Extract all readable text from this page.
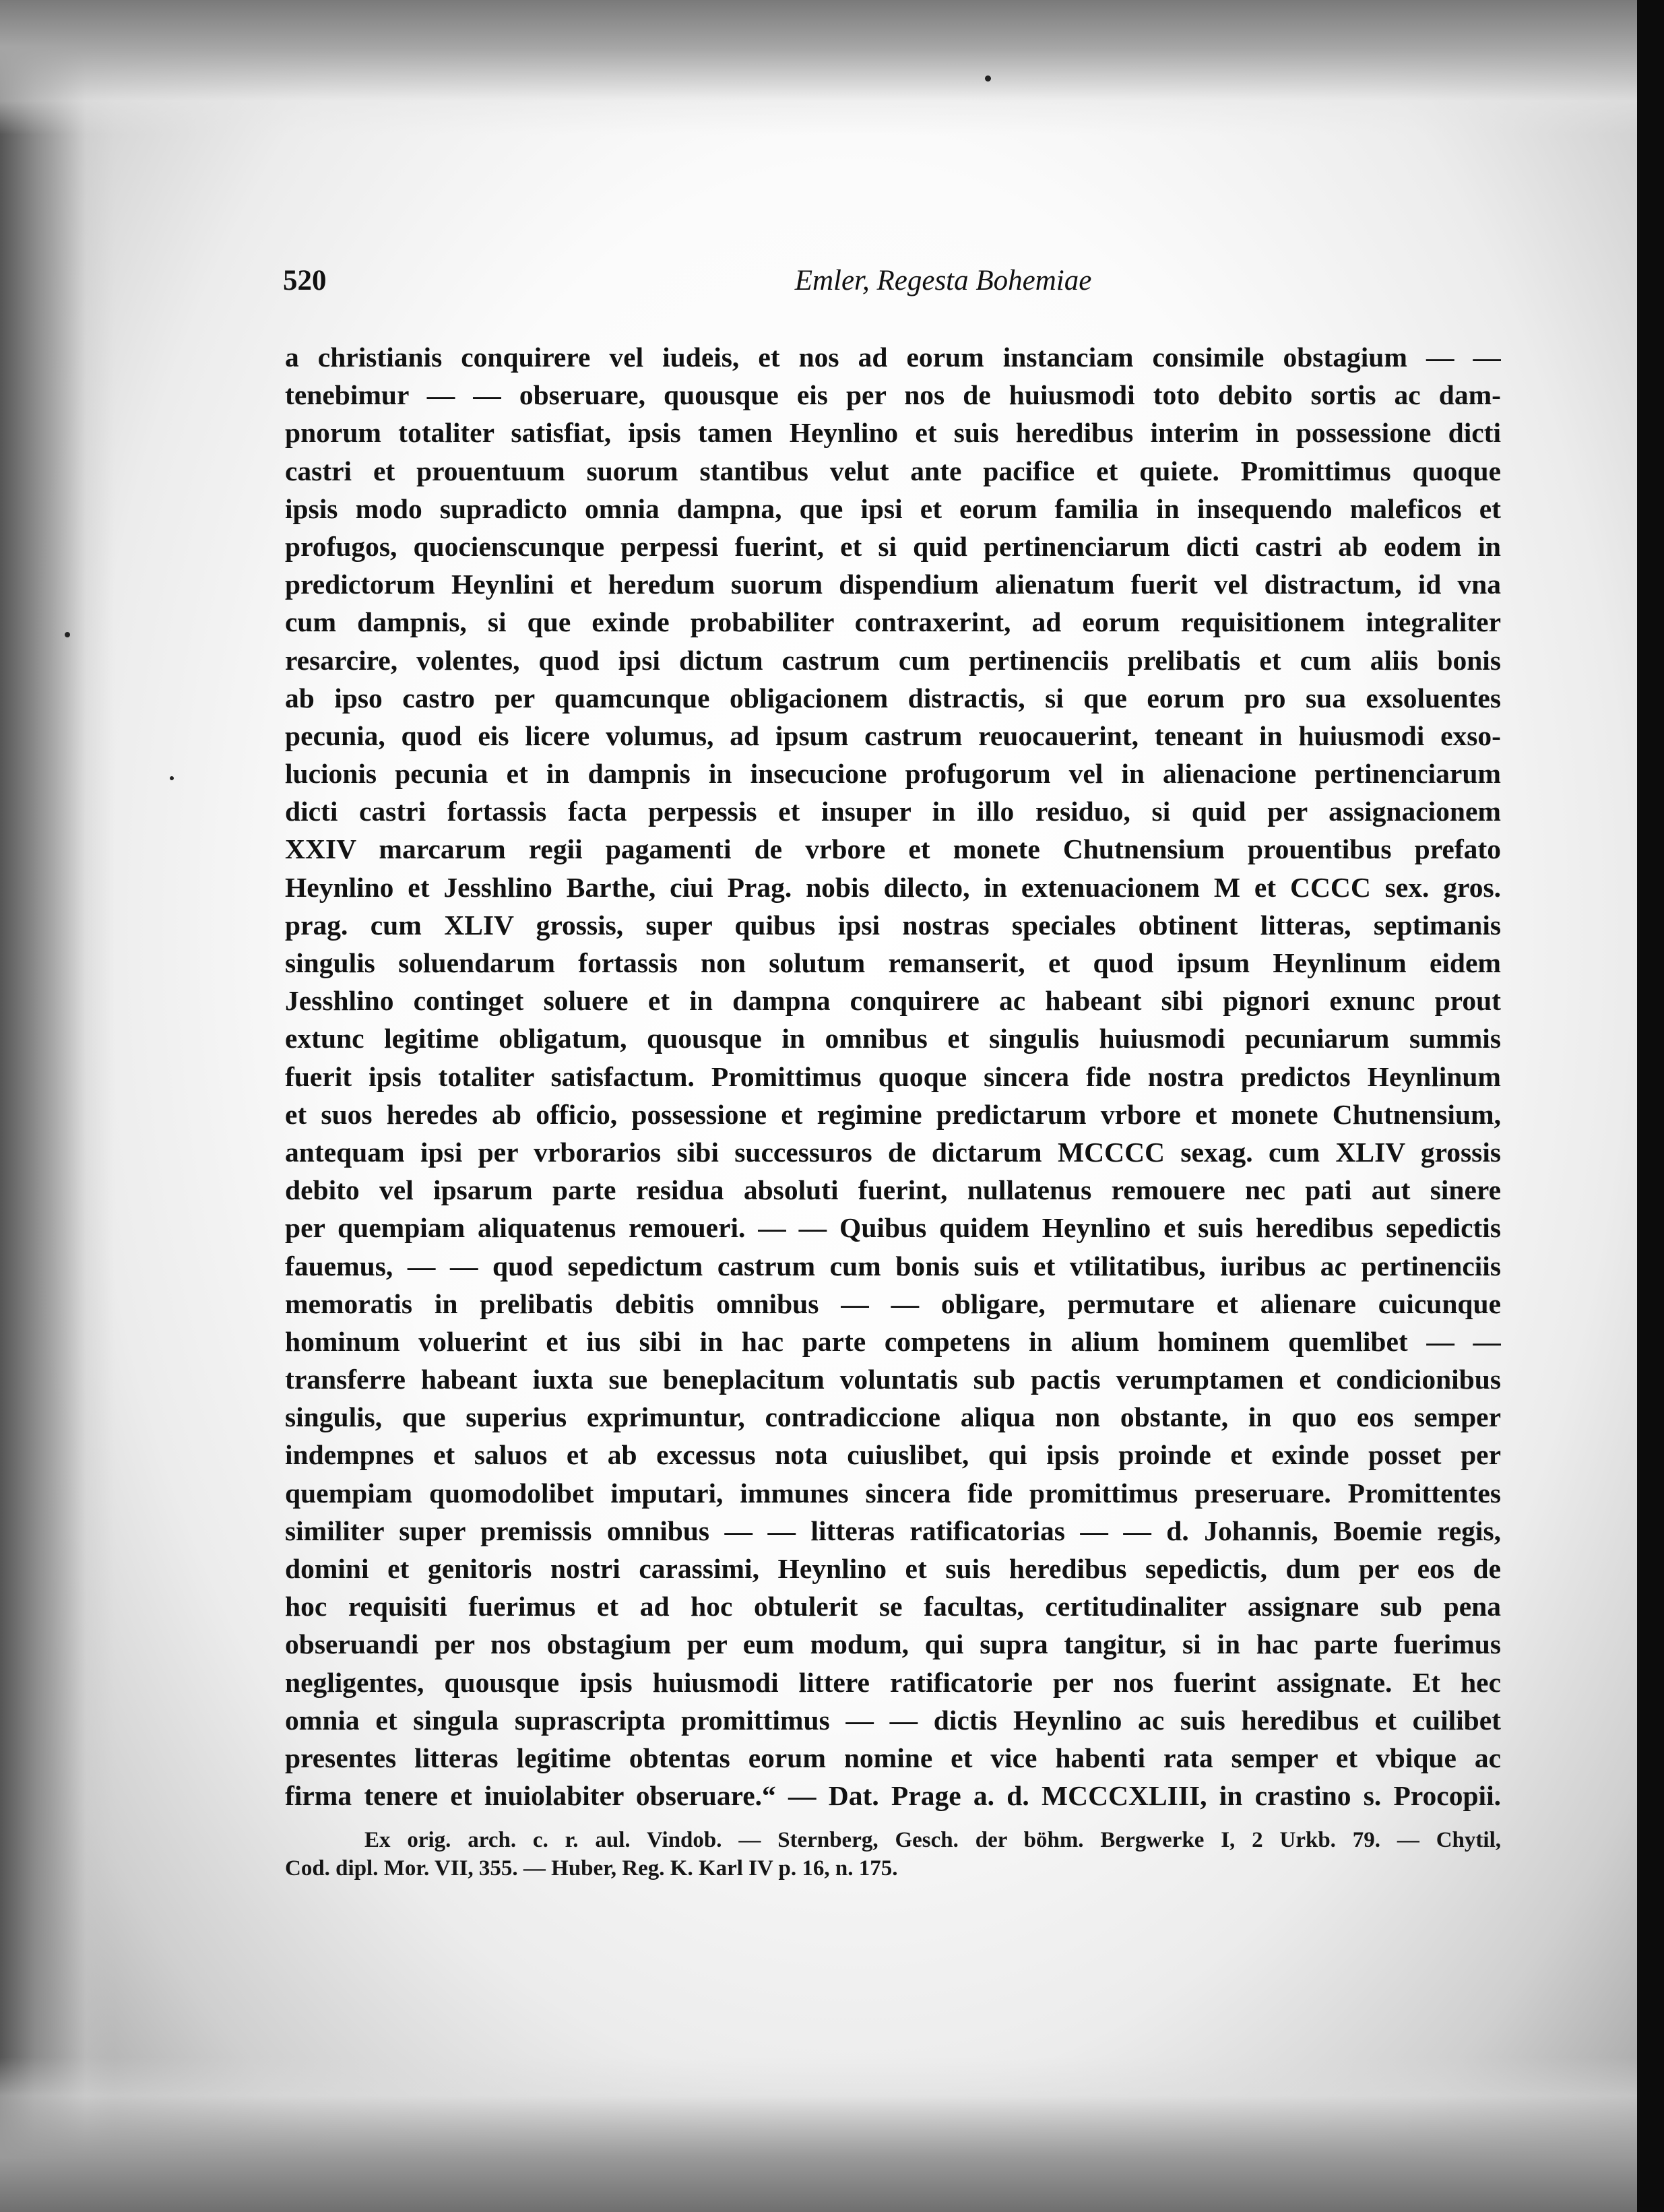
520	Emler, Regesta Bohemiae
a christianis conquirere vel iudeis, et nos ad eorum instanciam consimile obstagium — —
tenebimur — — obseruare, quousque eis per nos de huiusmodi toto debito sortis ac dam-
pnorum totaliter satisfiat, ipsis tamen Heynlino et suis heredibus interim in possessione dicti
castri et prouentuum suorum stantibus velut ante pacifice et quiete. Promittimus quoque
ipsis modo supradicto omnia dampna, que ipsi et eorum familia in insequendo maleficos et
profugos, quocienscunque perpessi fuerint, et si quid pertinenciarum dicti castri ab eodem in
predictorum Heynlini et heredum suorum dispendium alienatum fuerit vel distractum, id vna
cum dampnis, si que exinde probabiliter contraxerint, ad eorum requisitionem integraliter
resarcire, volentes, quod ipsi dictum castrum cum pertinenciis prelibatis et cum aliis bonis
ab ipso castro per quamcunque obligacionem distractis, si que eorum pro sua exsoluentes
pecunia, quod eis licere volumus, ad ipsum castrum reuocauerint, teneant in huiusmodi exso-
lucionis pecunia et in dampnis in insecucione profugorum vel in alienacione pertinenciarum
dicti castri fortassis facta perpessis et insuper in illo residuo, si quid per assignacionem
XXIV marcarum regii pagamenti de vrbore et monete Chutnensium prouentibus prefato
Heynlino et Jesshlino Barthe, ciui Prag. nobis dilecto, in extenuacionem M et CCCC sex. gros.
prag. cum XLIV grossis, super quibus ipsi nostras speciales obtinent litteras, septimanis
singulis soluendarum fortassis non solutum remanserit, et quod ipsum Heynlinum eidem
Jesshlino continget soluere et in dampna conquirere ac habeant sibi pignori exnunc prout
extunc legitime obligatum, quousque in omnibus et singulis huiusmodi pecuniarum summis
fuerit ipsis totaliter satisfactum. Promittimus quoque sincera fide nostra predictos Heynlinum
et suos heredes ab officio, possessione et regimine predictarum vrbore et monete Chutnensium,
antequam ipsi per vrborarios sibi successuros de dictarum MCCCC sexag. cum XLIV grossis
debito vel ipsarum parte residua absoluti fuerint, nullatenus remouere nec pati aut sinere
per quempiam aliquatenus remoueri. — — Quibus quidem Heynlino et suis heredibus sepedictis
fauemus, — — quod sepedictum castrum cum bonis suis et vtilitatibus, iuribus ac pertinenciis
memoratis in prelibatis debitis omnibus — — obligare, permutare et alienare cuicunque
hominum voluerint et ius sibi in hac parte competens in alium hominem quemlibet — —
transferre habeant iuxta sue beneplacitum voluntatis sub pactis verumptamen et condicionibus
singulis, que superius exprimuntur, contradiccione aliqua non obstante, in quo eos semper
indempnes et saluos et ab excessus nota cuiuslibet, qui ipsis proinde et exinde posset per
quempiam quomodolibet imputari, immunes sincera fide promittimus preseruare. Promittentes
similiter super premissis omnibus — — litteras ratificatorias — — d. Johannis, Boemie regis,
domini et genitoris nostri carassimi, Heynlino et suis heredibus sepedictis, dum per eos de
hoc requisiti fuerimus et ad hoc obtulerit se facultas, certitudinaliter assignare sub pena
obseruandi per nos obstagium per eum modum, qui supra tangitur, si in hac parte fuerimus
negligentes, quousque ipsis huiusmodi littere ratificatorie per nos fuerint assignate. Et hec
omnia et singula suprascripta promittimus — — dictis Heynlino ac suis heredibus et cuilibet
presentes litteras legitime obtentas eorum nomine et vice habenti rata semper et vbique ac
firma tenere et inuiolabiter obseruare.“ — Dat. Prage a. d. MCCCXLIII, in crastino s. Procopii.
Ex orig. arch. c. r. aul. Vindob. — Sternberg, Gesch. der böhm. Bergwerke I, 2 Urkb. 79. — Chytil,
Cod. dipl. Mor. VII, 355. — Huber, Reg. K. Karl IV p. 16, n. 175.
